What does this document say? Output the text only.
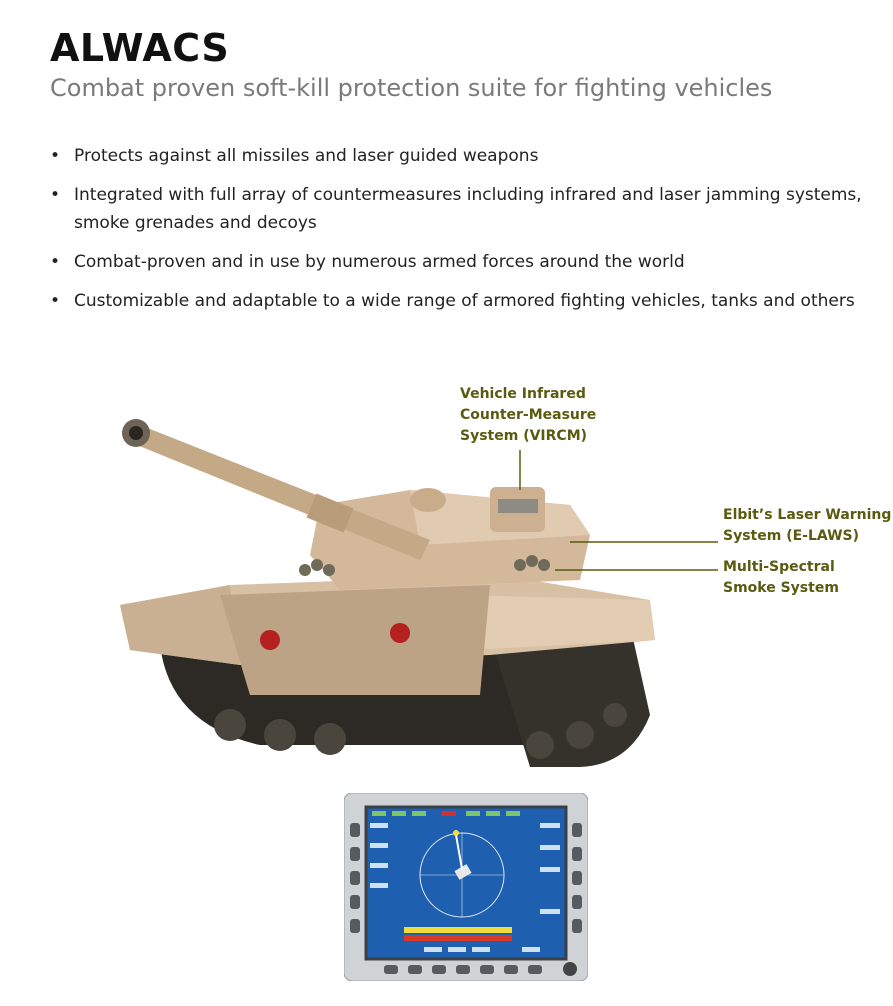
ALWACS

Combat proven soft-kill protection suite for fighting vehicles

• Protects against all missiles and laser guided weapons
• Integrated with full array of countermeasures including infrared and laser jamming systems, smoke grenades and decoys
• Combat-proven and in use by numerous armed forces around the world
• Customizable and adaptable to a wide range of armored fighting vehicles, tanks and others
Vehicle Infrared
Counter-Measure
System (VIRCM)
Elbit’s Laser Warning
System (E-LAWS)
Multi-Spectral
Smoke System
